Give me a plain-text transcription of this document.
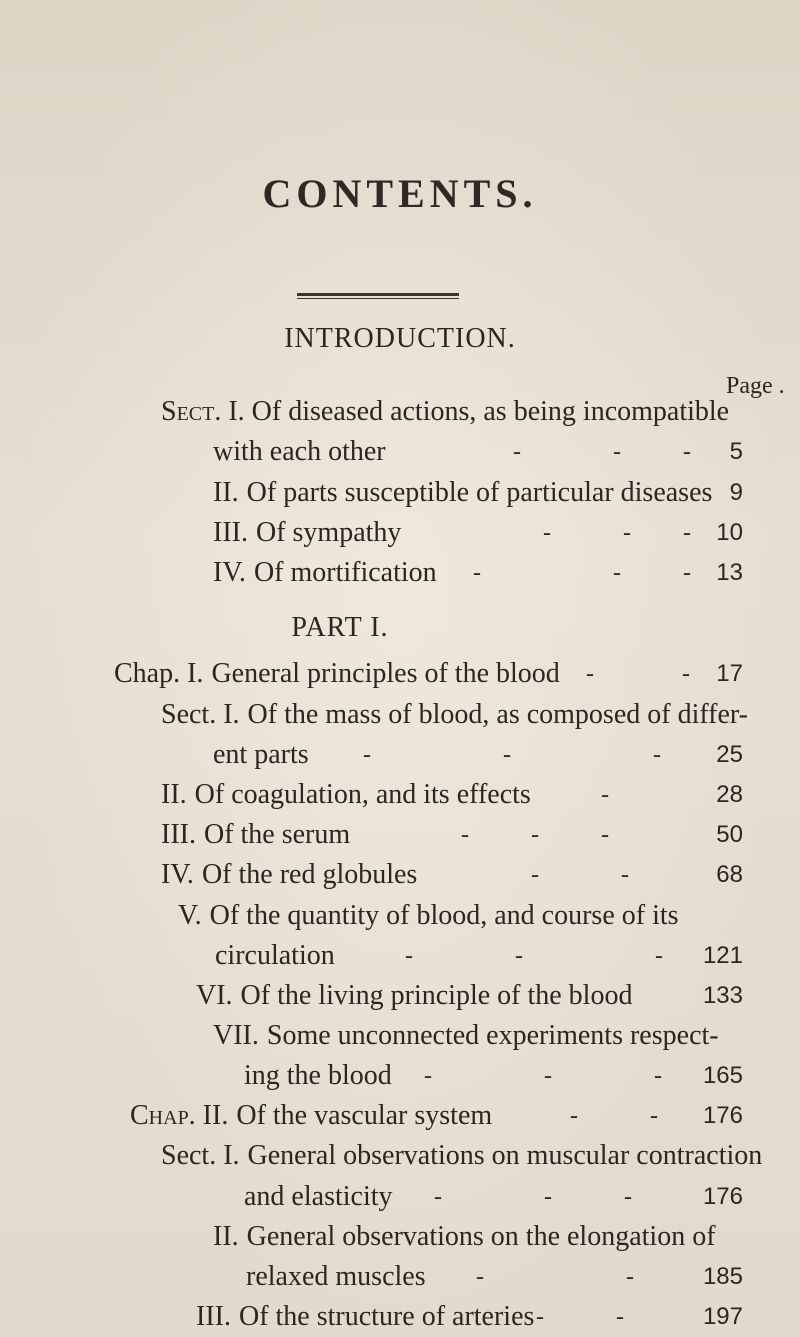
CONTENTS.
INTRODUCTION.
Page .
Sect. I. Of diseased actions, as being incompatible
with each other	-	-	-	5
II. Of parts susceptible of particular diseases 9
III. Of sympathy	-	- -	10
IV. Of mortification -	-	-	13
PART I.
Chap. I. General principles of the blood -	-	17
Sect. I. Of the mass of blood, as composed of differ-
ent parts -	-	-	25
II. Of coagulation, and its effects	-	28
III. Of the serum	-	-	-	50
IV. Of the red globules	-	-	68
V. Of the quantity of blood, and course of its
circulation	-	-	-	121
VI. Of the living principle of the blood	133
VII. Some unconnected experiments respect-
ing the blood -	-	-	165
Chap. II. Of the vascular system	-	-	176
Sect. I. General observations on muscular contraction
and elasticity -	-	-	176
II. General observations on the elongation of
relaxed muscles -	-	185
III. Of the structure of arteries -	-	197
